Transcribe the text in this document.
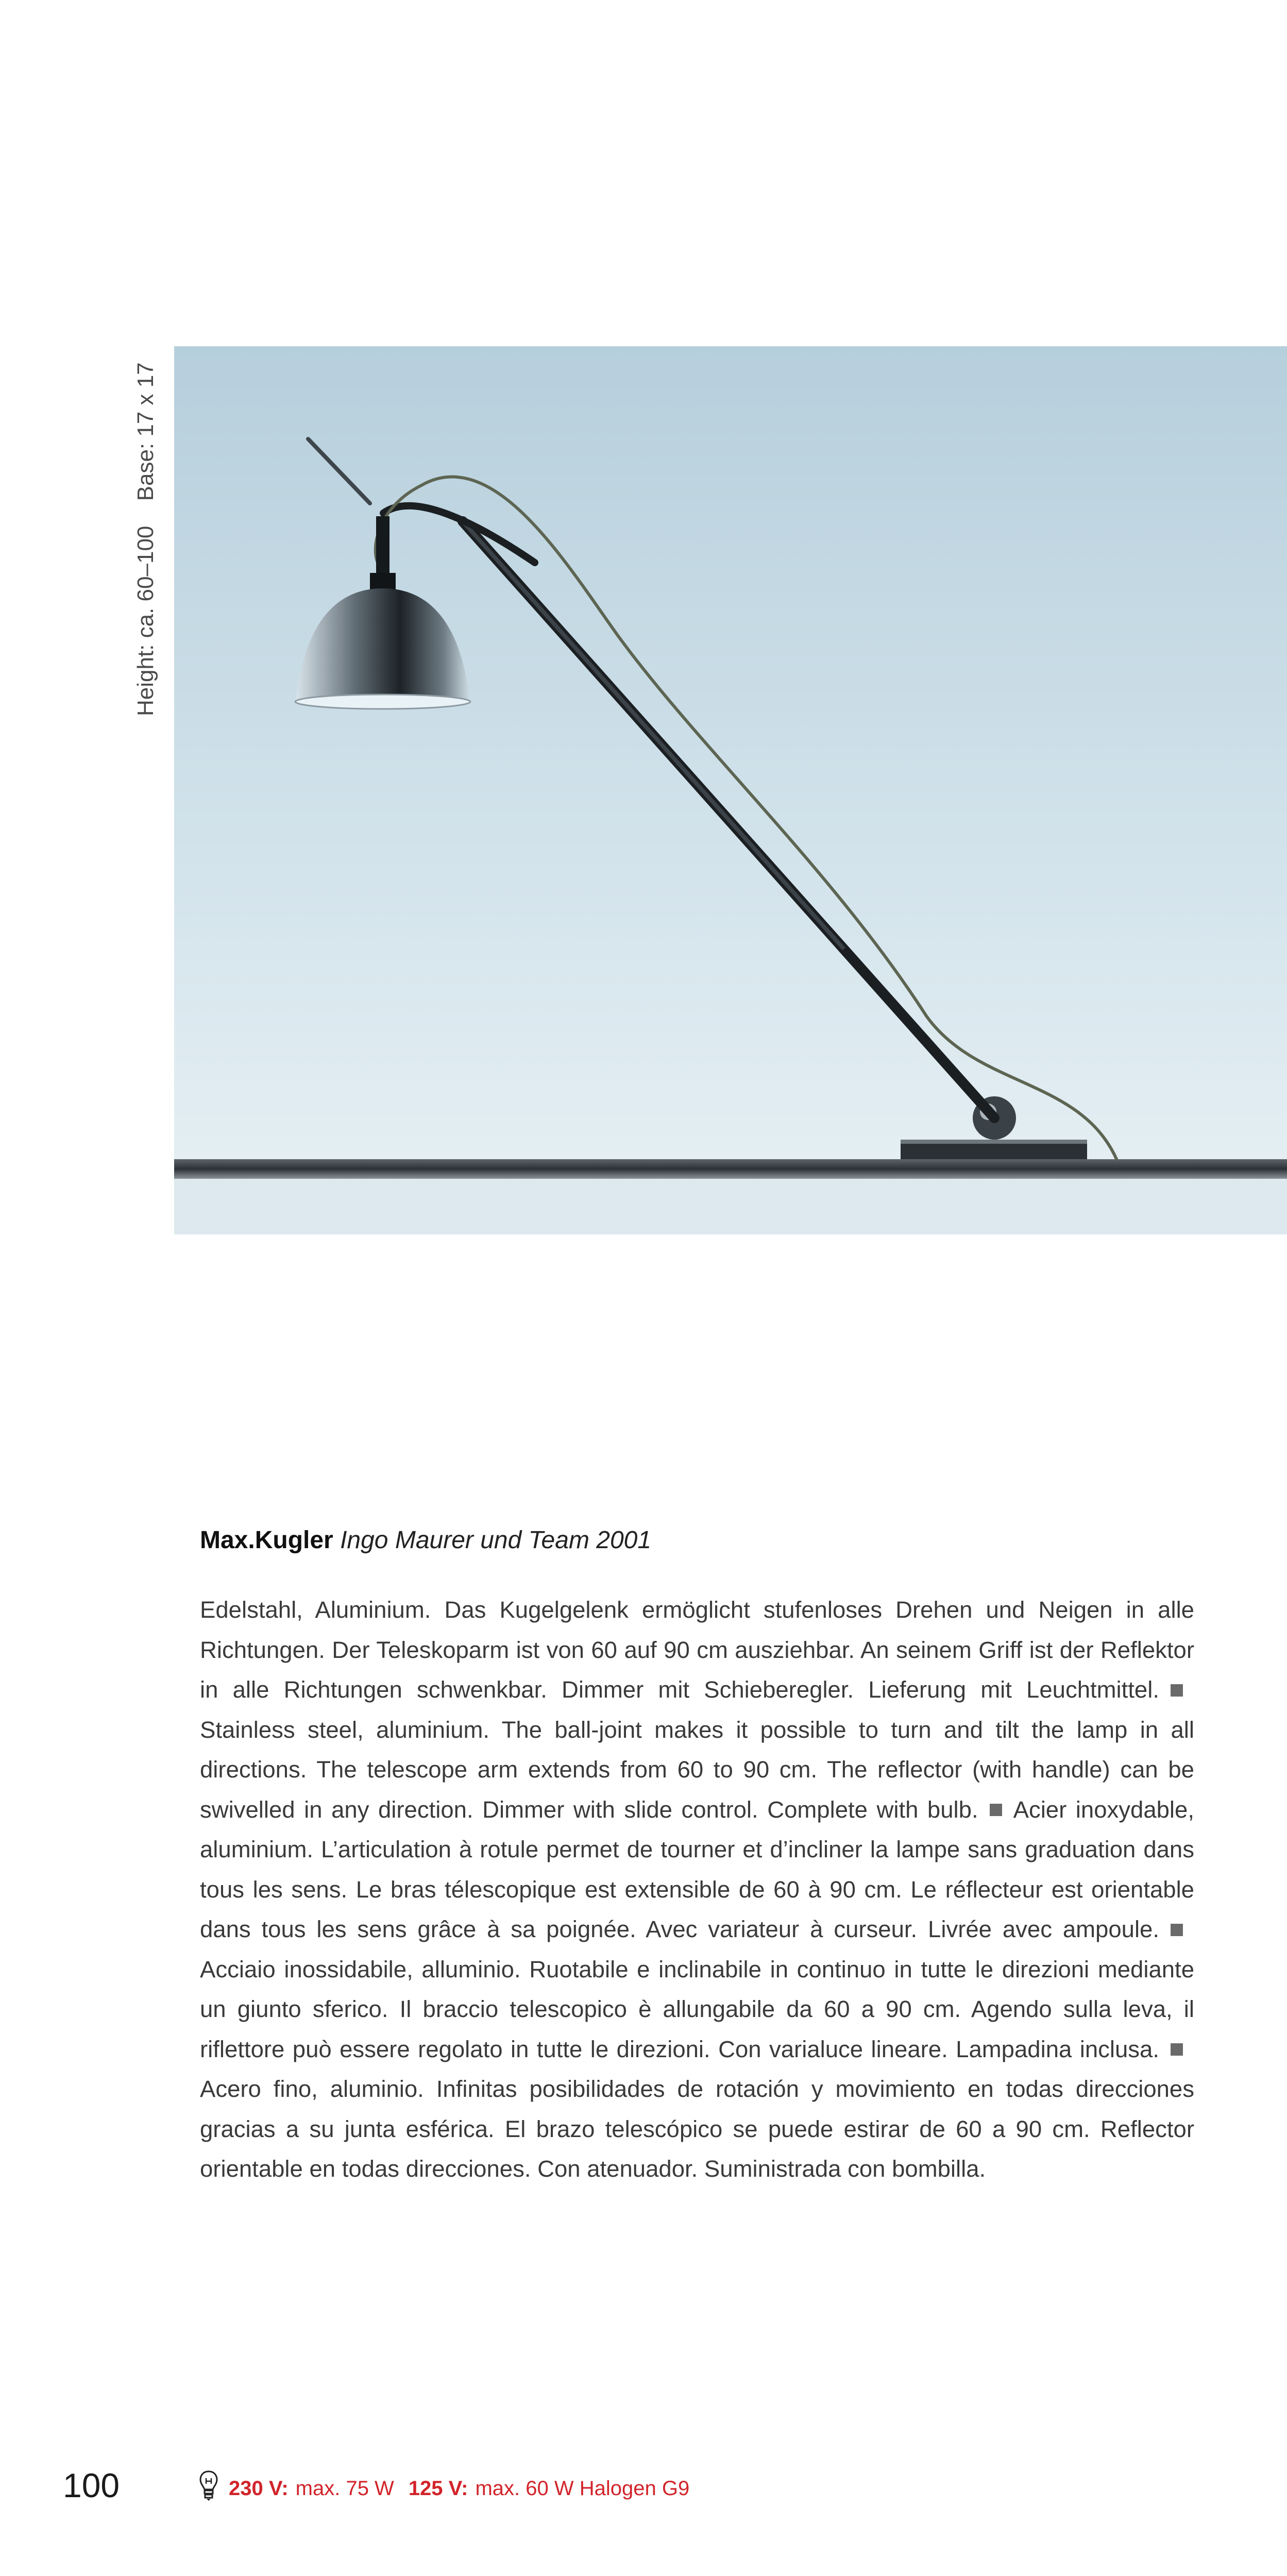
Height: ca. 60–100 Base: 17 x 17
Max.Kugler Ingo Maurer und Team 2001
Edelstahl, Aluminium. Das Kugelgelenk ermöglicht stufenloses Drehen und Neigen in alle Richtungen. Der Teleskoparm ist von 60 auf 90 cm ausziehbar. An seinem Griff ist der Reflektor in alle Richtungen schwenkbar. Dimmer mit Schieberegler. Lieferung mit Leuchtmittel.Stainless steel, aluminium. The ball-joint makes it possible to turn and tilt the lamp in all directions. The telescope arm extends from 60 to 90 cm. The reflector (with handle) can be swivelled in any direction. Dimmer with slide control. Complete with bulb. Acier inoxydable, aluminium. L’articulation à rotule permet de tourner et d’incliner la lampe sans graduation dans tous les sens. Le bras télescopique est extensible de 60 à 90 cm. Le réflecteur est orientable dans tous les sens grâce à sa poignée. Avec variateur à curseur. Livrée avec ampoule.Acciaio inossidabile, alluminio. Ruotabile e inclinabile in continuo in tutte le direzioni mediante un giunto sferico. Il braccio telescopico è allungabile da 60 a 90 cm. Agendo sulla leva, il riflettore può essere regolato in tutte le direzioni. Con varialuce lineare. Lampadina inclusa.Acero fino, aluminio. Infinitas posibilidades de rotación y movimiento en todas direcciones gracias a su junta esférica. El brazo telescópico se puede estirar de 60 a 90 cm. Reflector orientable en todas direcciones. Con atenuador. Suministrada con bombilla.
100	230 V: max. 75 W 125 V: max. 60 W Halogen G9
